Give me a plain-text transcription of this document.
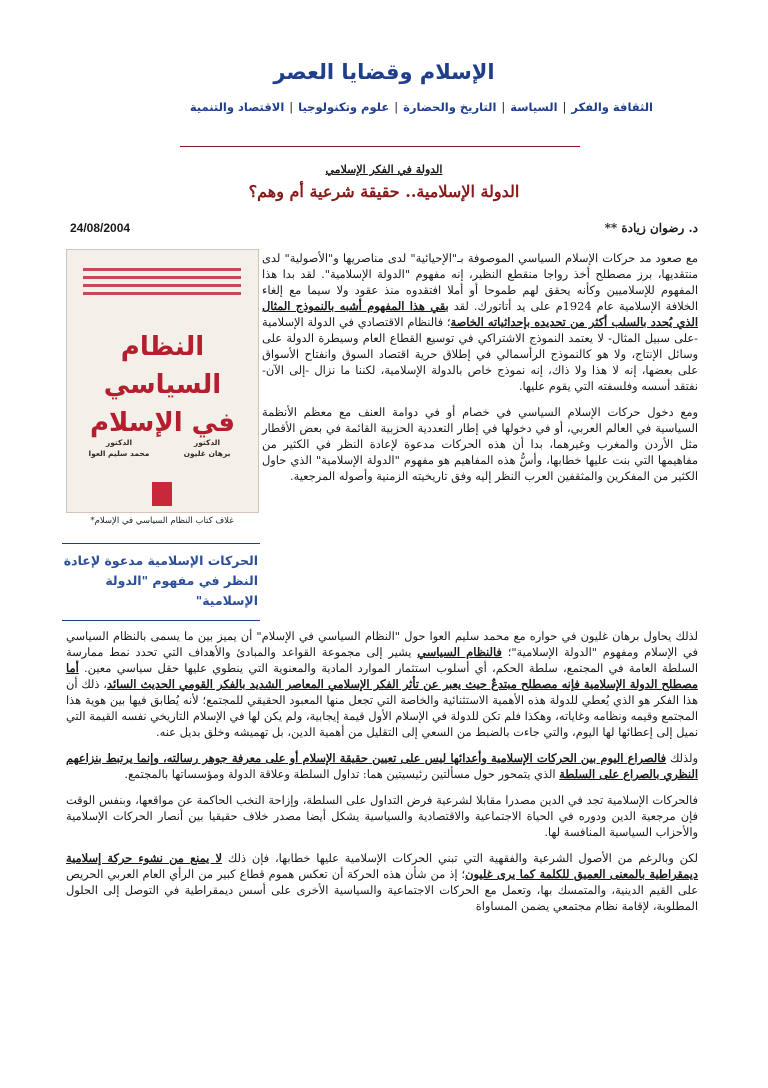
الإسلام وقضايا العصر
الثقافة والفكر|السياسة|التاريخ والحضارة|علوم وتكنولوجيا|الاقتصاد والتنمية
الدولة في الفكر الإسلامي
الدولة الإسلامية.. حقيقة شرعية أم وهم؟
د. رضوان زيادة **
24/08/2004
النظام السياسي
في الإسلام
الدكتور
برهان غليون
الدكتور
محمد سليم العوا
غلاف كتاب النظام السياسي في الإسلام*
الحركات الإسلامية مدعوة لإعادة النظر في مفهوم "الدولة الإسلامية"

مع صعود مد حركات الإسلام السياسي الموصوفة بـ"الإحيائية" لدى مناصريها و"الأصولية" لدى منتقديها، برز مصطلح أخذ رواجا منقطع النظير، إنه مفهوم "الدولة الإسلامية". لقد بدا هذا المفهوم للإسلاميين وكأنه يحقق لهم طموحا أو أملا افتقدوه منذ عقود ولا سيما مع إلغاء الخلافة الإسلامية عام 1924م على يد أتاتورك. لقد بقي هذا المفهوم أشبه بالنموذج المثال الذي يُحدد بالسلب أكثر من تحديده بإحداثياته الخاصة؛ فالنظام الاقتصادي في الدولة الإسلامية -على سبيل المثال- لا يعتمد النموذج الاشتراكي في توسيع القطاع العام وسيطرة الدولة على وسائل الإنتاج، ولا هو كالنموذج الرأسمالي في إطلاق حرية اقتصاد السوق وانفتاح الأسواق على بعضها، إنه لا هذا ولا ذاك، إنه نموذج خاص بالدولة الإسلامية، لكننا ما نزال -إلى الآن- نفتقد أسسه وفلسفته التي يقوم عليها.

ومع دخول حركات الإسلام السياسي في خصام أو في دوامة العنف مع معظم الأنظمة السياسية في العالم العربي، أو في دخولها في إطار التعددية الحزبية القائمة في بعض الأقطار مثل الأردن والمغرب وغيرهما، بدا أن هذه الحركات مدعوة لإعادة النظر في الكثير من مفاهيمها التي بنت عليها خطابها، وأسُّ هذه المفاهيم هو مفهوم "الدولة الإسلامية" الذي حاول الكثير من المفكرين والمثقفين العرب النظر إليه وفق تاريخيته الزمنية وأصوله المرجعية.

لذلك يحاول برهان غليون في حواره مع محمد سليم العوا حول "النظام السياسي في الإسلام" أن يميز بين ما يسمى بالنظام السياسي في الإسلام ومفهوم "الدولة الإسلامية"؛ فالنظام السياسي يشير إلى مجموعة القواعد والمبادئ والأهداف التي تحدد نمط ممارسة السلطة العامة في المجتمع، سلطة الحكم، أي أسلوب استثمار الموارد المادية والمعنوية التي ينطوي عليها حقل سياسي معين. أما مصطلح الدولة الإسلامية فإنه مصطلح مبتدعٌ حيث يعبر عن تأثر الفكر الإسلامي المعاصر الشديد بالفكر القومي الحديث السائد، ذلك أن هذا الفكر هو الذي يُعطي للدولة هذه الأهمية الاستثنائية والخاصة التي تجعل منها المعبود الحقيقي للمجتمع؛ لأنه يُطابق فيها بين هوية هذا المجتمع وقيمه ونظامه وغاياته، وهكذا فلم تكن للدولة في الإسلام الأول قيمة إيجابية، ولم يكن لها في الإسلام التاريخي نفسه القيمة التي نميل إلى إعطائها لها اليوم، والتي جاءت بالضبط من السعي إلى التقليل من أهمية الدين، بل تهميشه وخلق بديل عنه.

ولذلك فالصراع اليوم بين الحركات الإسلامية وأعدائها ليس على تعيين حقيقة الإسلام أو على معرفة جوهر رسالته، وإنما يرتبط بنزاعهم النظري بالصراع على السلطة الذي يتمحور حول مسألتين رئيسيتين هما: تداول السلطة وعلاقة الدولة ومؤسساتها بالمجتمع.

فالحركات الإسلامية تجد في الدين مصدرا مقابلا لشرعية فرض التداول على السلطة، وإزاحة النخب الحاكمة عن مواقعها، وبنفس الوقت فإن مرجعية الدين ودوره في الحياة الاجتماعية والاقتصادية والسياسية يشكل أيضا مصدر خلاف حقيقيا بين أنصار الحركات الإسلامية والأحزاب السياسية المنافسة لها.

لكن وبالرغم من الأصول الشرعية والفقهية التي تبني الحركات الإسلامية عليها خطابها، فإن ذلك لا يمنع من نشوء حركة إسلامية ديمقراطية بالمعنى العميق للكلمة كما يرى غليون؛ إذ من شأن هذه الحركة أن تعكس هموم قطاع كبير من الرأي العام العربي الحريص على القيم الدينية، والمتمسك بها، وتعمل مع الحركات الاجتماعية والسياسية الأخرى على أسس ديمقراطية في التوصل إلى الحلول المطلوبة، لإقامة نظام مجتمعي يضمن المساواة
